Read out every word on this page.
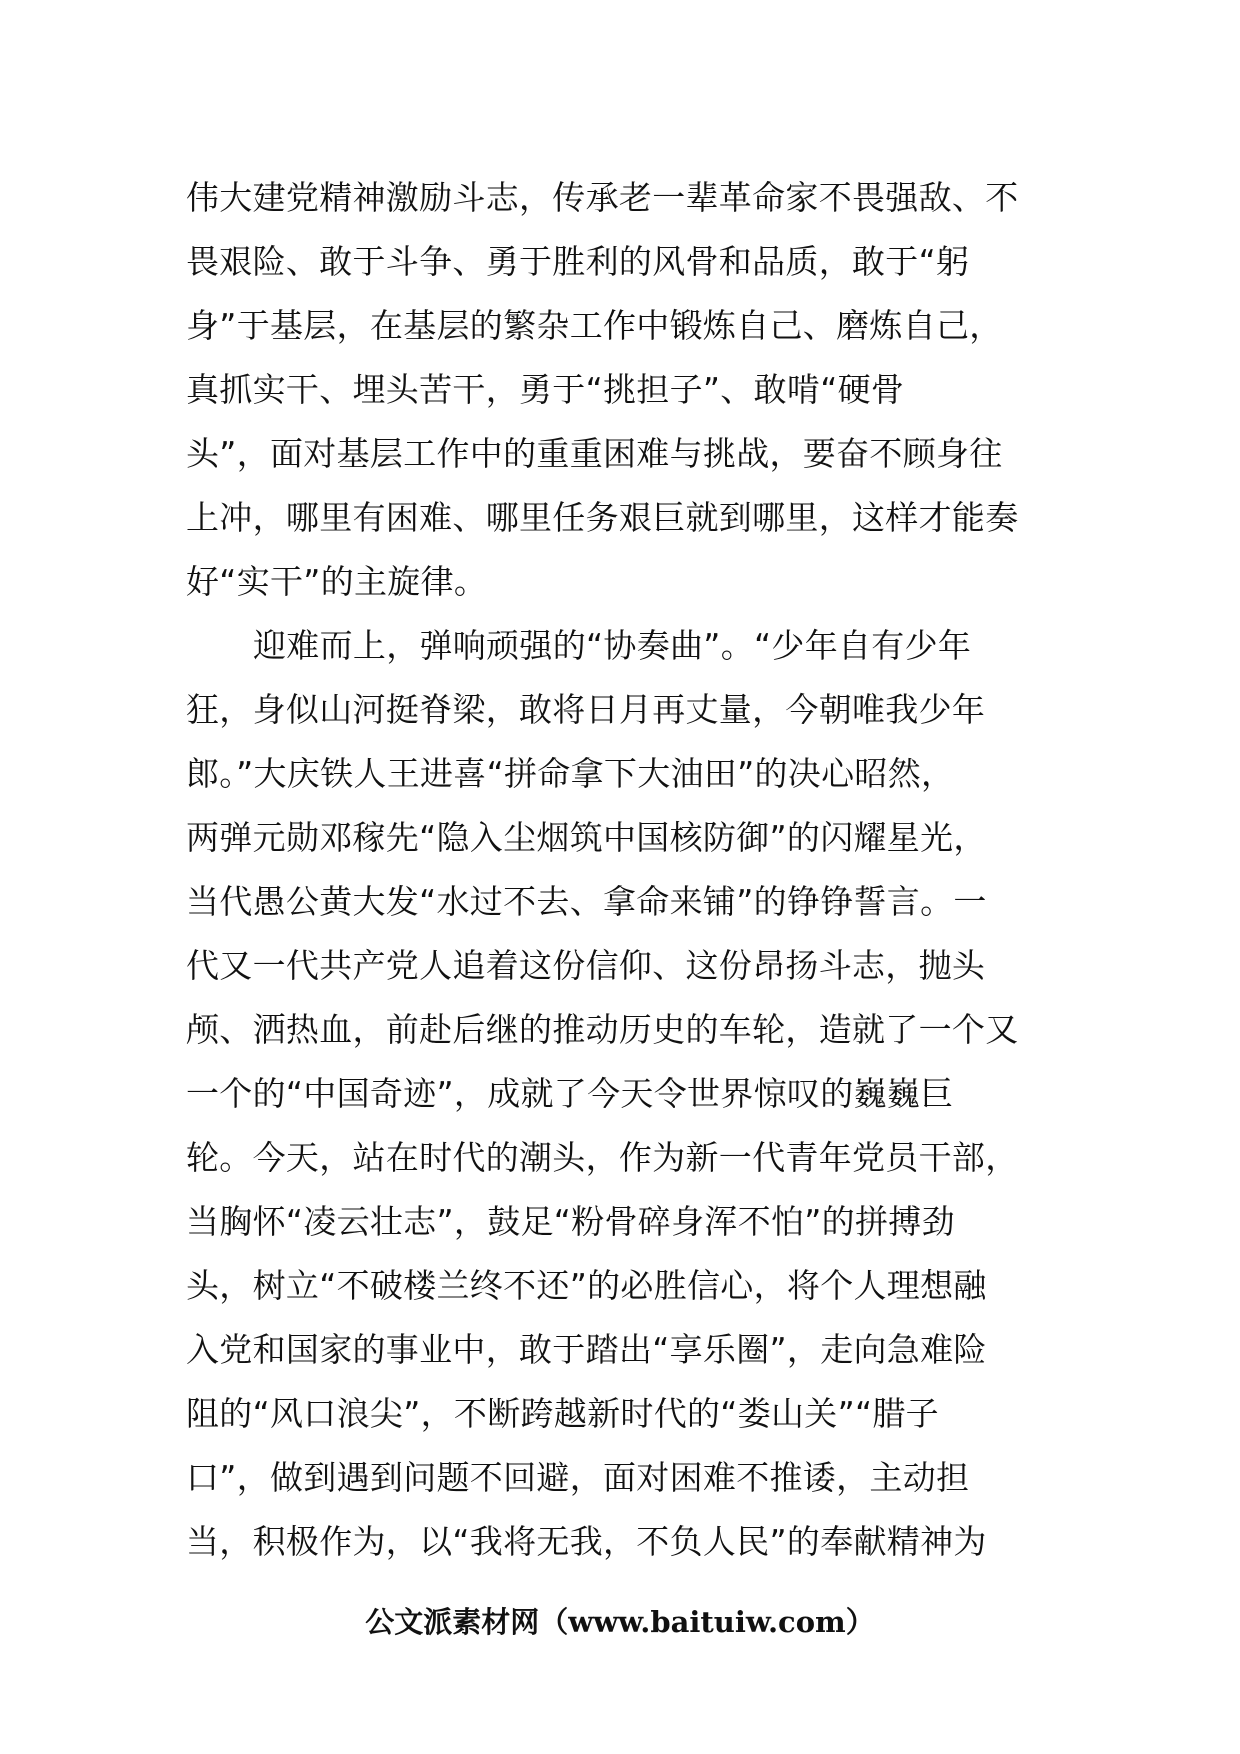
伟大建党精神激励斗志，传承老一辈革命家不畏强敌、不
畏艰险、敢于斗争、勇于胜利的风骨和品质，敢于“躬
身”于基层，在基层的繁杂工作中锻炼自己、磨炼自己，
真抓实干、埋头苦干，勇于“挑担子”、敢啃“硬骨
头”，面对基层工作中的重重困难与挑战，要奋不顾身往
上冲，哪里有困难、哪里任务艰巨就到哪里，这样才能奏
好“实干”的主旋律。
迎难而上，弹响顽强的“协奏曲”。“少年自有少年
狂，身似山河挺脊梁，敢将日月再丈量，今朝唯我少年
郎。”大庆铁人王进喜“拼命拿下大油田”的决心昭然，
两弹元勋邓稼先“隐入尘烟筑中国核防御”的闪耀星光，
当代愚公黄大发“水过不去、拿命来铺”的铮铮誓言。一
代又一代共产党人追着这份信仰、这份昂扬斗志，抛头
颅、洒热血，前赴后继的推动历史的车轮，造就了一个又
一个的“中国奇迹”，成就了今天令世界惊叹的巍巍巨
轮。今天，站在时代的潮头，作为新一代青年党员干部，
当胸怀“凌云壮志”，鼓足“粉骨碎身浑不怕”的拼搏劲
头，树立“不破楼兰终不还”的必胜信心，将个人理想融
入党和国家的事业中，敢于踏出“享乐圈”，走向急难险
阻的“风口浪尖”，不断跨越新时代的“娄山关”“腊子
口”，做到遇到问题不回避，面对困难不推诿，主动担
当，积极作为，以“我将无我，不负人民”的奉献精神为
公文派素材网（www.baituiw.com）
